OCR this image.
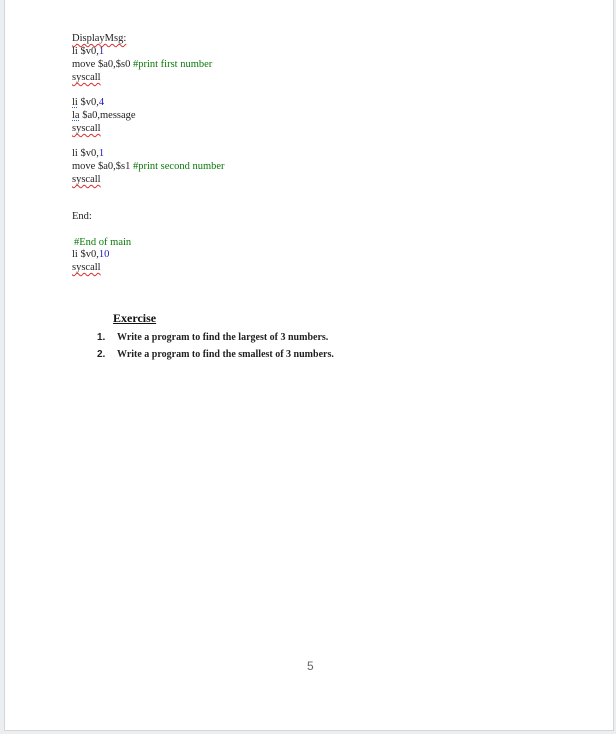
DisplayMsg:
li $v0,1
move $a0,$s0 #print first number
syscall
li $v0,4
la $a0,message
syscall
li $v0,1
move $a0,$s1 #print second number
syscall
End:
#End of main
li $v0,10
syscall
Exercise
1. Write a program to find the largest of 3 numbers.
2. Write a program to find the smallest of 3 numbers.
5
